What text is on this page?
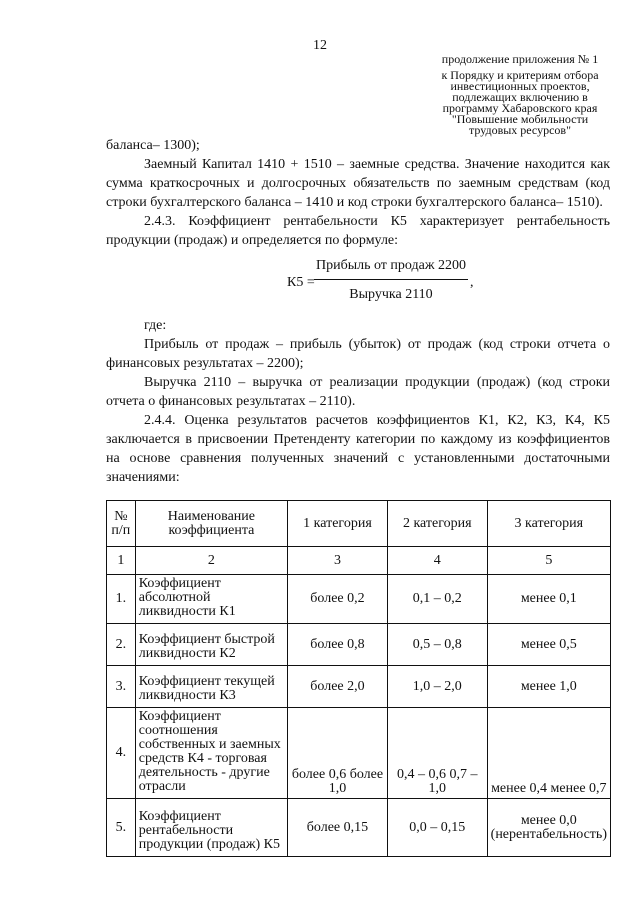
12
продолжение приложения № 1
к Порядку и критериям отбора
инвестиционных проектов,
подлежащих включению в
программу Хабаровского края
"Повышение мобильности
трудовых ресурсов"

баланса– 1300);

Заемный Капитал 1410 + 1510 – заемные средства. Значение находится как сумма краткосрочных и долгосрочных обязательств по заемным средствам (код строки бухгалтерского баланса – 1410 и код строки бухгалтерского баланса– 1510).

2.4.3. Коэффициент рентабельности К5 характеризует рентабельность продукции (продаж) и определяется по формуле:

К5 =
Прибыль от продаж 2200
Выручка 2110
,

где:

Прибыль от продаж – прибыль (убыток) от продаж (код строки отчета о финансовых результатах – 2200);

Выручка 2110 – выручка от реализации продукции (продаж) (код строки отчета о финансовых результатах – 2110).

2.4.4. Оценка результатов расчетов коэффициентов К1, К2, К3, К4, К5 заключается в присвоении Претенденту категории по каждому из коэффициентов на основе сравнения полученных значений с установленными достаточными значениями:

№ п/п	Наименование коэффициента	1 категория	2 категория	3 категория
1	2	3	4	5
1.	Коэффициент абсолютной ликвидности К1	более 0,2	0,1 – 0,2	менее 0,1
2.	Коэффициент быстрой ликвидности К2	более 0,8	0,5 – 0,8	менее 0,5
3.	Коэффициент текущей ликвидности К3	более 2,0	1,0 – 2,0	менее 1,0
4.	Коэффициент соотношения собственных и заемных средств К4 - торговая деятельность - другие отрасли	более 0,6 более 1,0	0,4 – 0,6 0,7 – 1,0	менее 0,4 менее 0,7
5.	Коэффициент рентабельности продукции (продаж) К5	более 0,15	0,0 – 0,15	менее 0,0 (нерентабельность)
